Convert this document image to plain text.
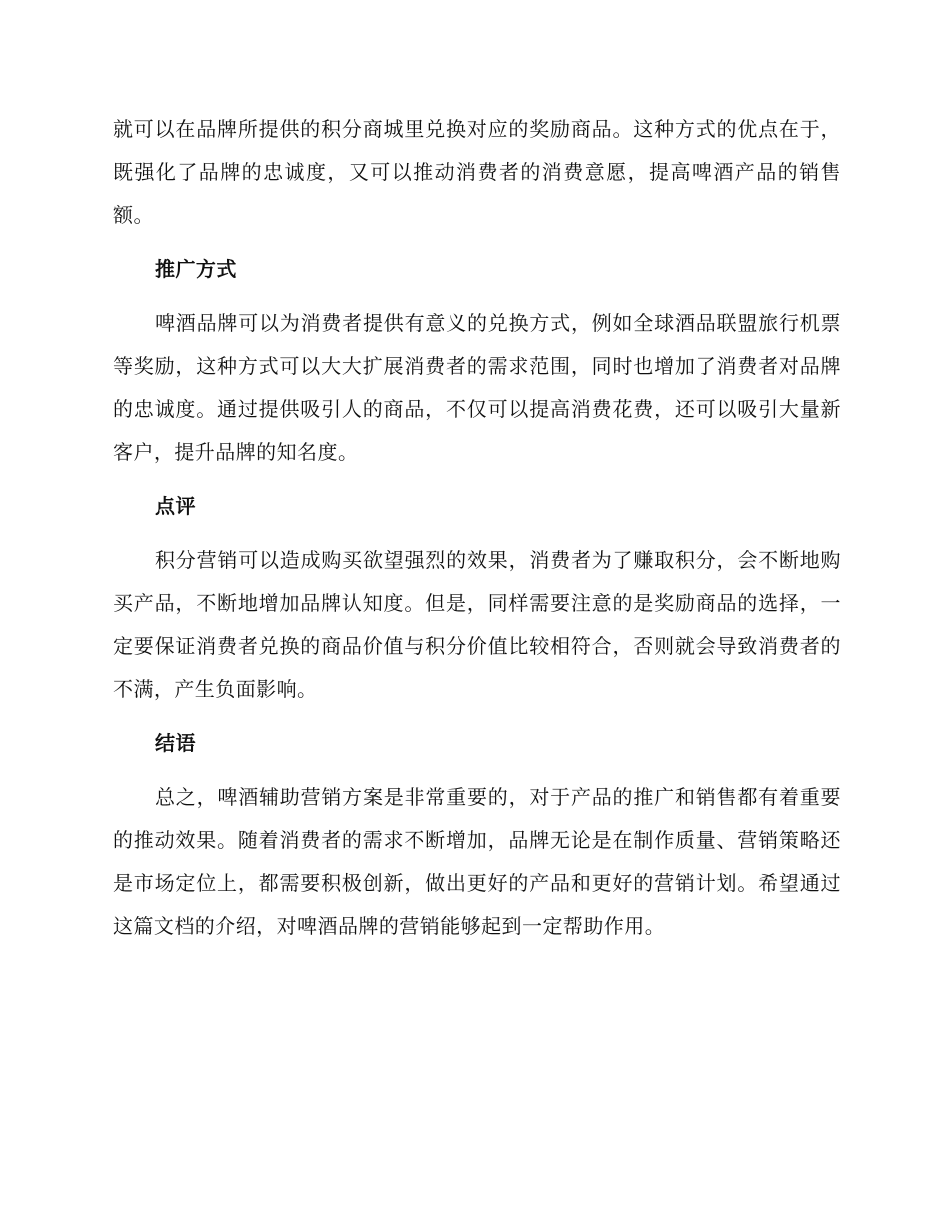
就可以在品牌所提供的积分商城里兑换对应的奖励商品。这种方式的优点在于，既强化了品牌的忠诚度，又可以推动消费者的消费意愿，提高啤酒产品的销售额。

推广方式

啤酒品牌可以为消费者提供有意义的兑换方式，例如全球酒品联盟旅行机票等奖励，这种方式可以大大扩展消费者的需求范围，同时也增加了消费者对品牌的忠诚度。通过提供吸引人的商品，不仅可以提高消费花费，还可以吸引大量新客户，提升品牌的知名度。

点评

积分营销可以造成购买欲望强烈的效果，消费者为了赚取积分，会不断地购买产品，不断地增加品牌认知度。但是，同样需要注意的是奖励商品的选择，一定要保证消费者兑换的商品价值与积分价值比较相符合，否则就会导致消费者的不满，产生负面影响。

结语

总之，啤酒辅助营销方案是非常重要的，对于产品的推广和销售都有着重要的推动效果。随着消费者的需求不断增加，品牌无论是在制作质量、营销策略还是市场定位上，都需要积极创新，做出更好的产品和更好的营销计划。希望通过这篇文档的介绍，对啤酒品牌的营销能够起到一定帮助作用。
